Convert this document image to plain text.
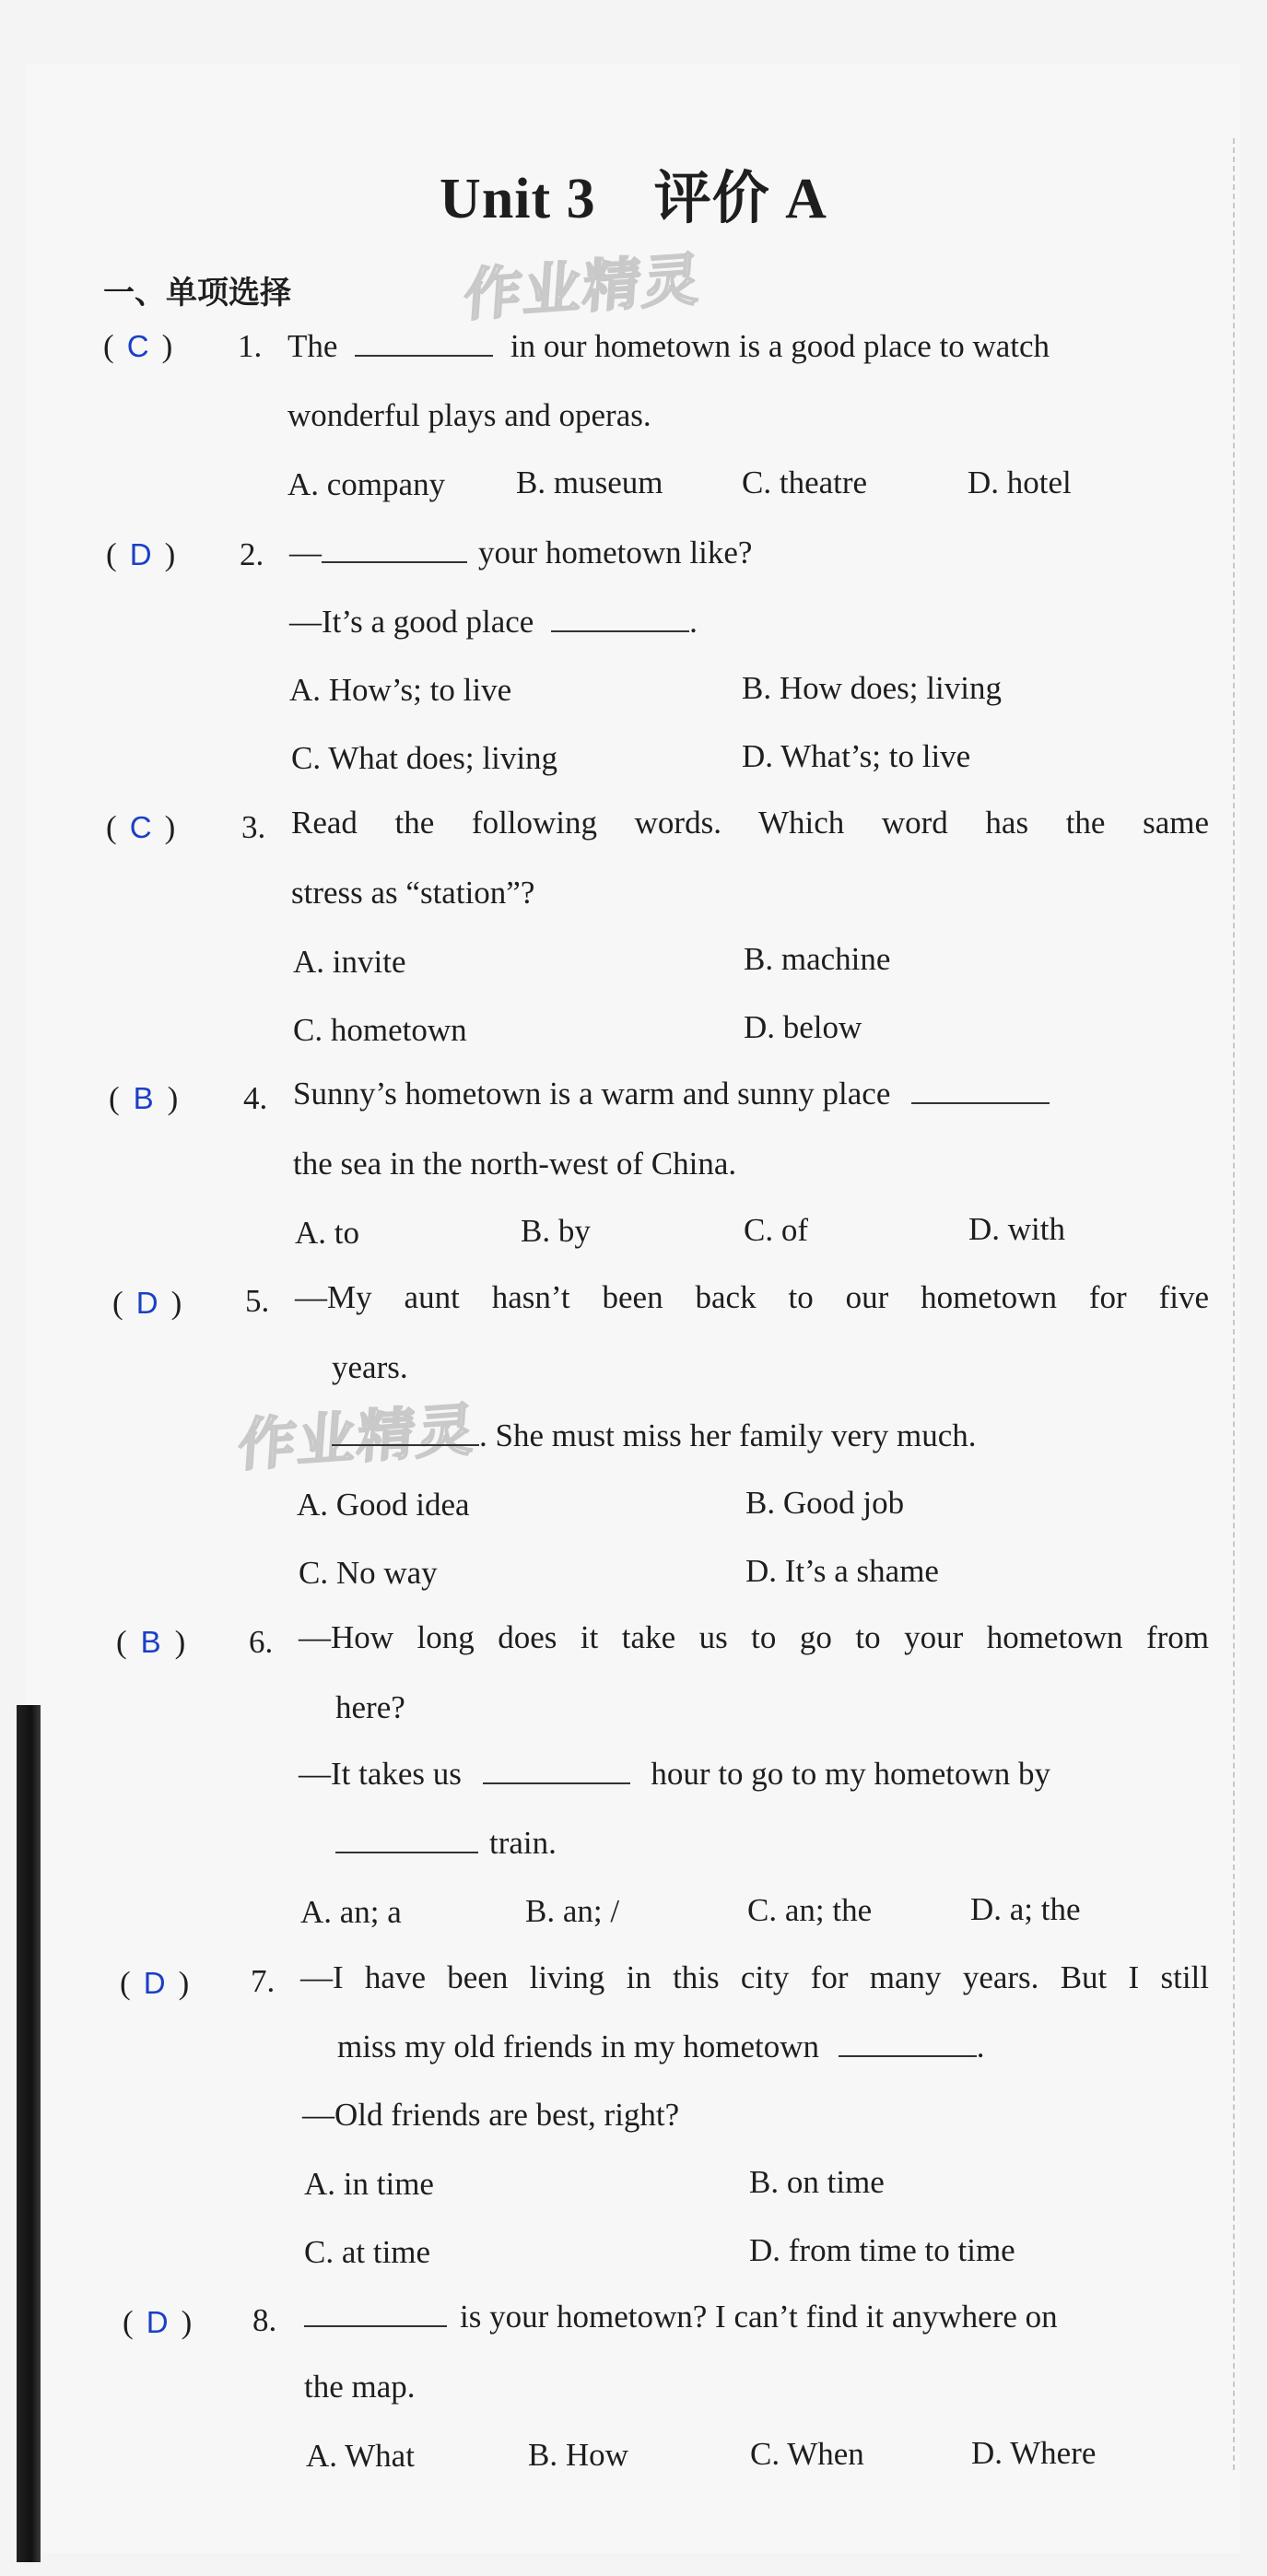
Unit 3　评价 A
一、单项选择	作业精灵
作业精灵
( C ) 1. The	in our hometown is a good place to watch
wonderful plays and operas.
A. company B. museum C. theatre	D. hotel
( D ) 2. —	your hometown like?
—It’s a good place	.
A. How’s; to live	B. How does; living
C. What does; living	D. What’s; to live
( C ) 3. Read the following words. Which word has the same
stress as “station”?
A. invite	B. machine
C. hometown	D. below
( B ) 4. Sunny’s hometown is a warm and sunny place
the sea in the north-west of China.
A. to	B. by	C. of	D. with
( D ) 5. —My aunt hasn’t been back to our hometown for five
years.
. She must miss her family very much.
A. Good idea	B. Good job
C. No way	D. It’s a shame
( B ) 6. —How long does it take us to go to your hometown from
here?
—It takes us	hour to go to my hometown by
train.
A. an; a	B. an; /	C. an; the	D. a; the
( D ) 7. —I have been living in this city for many years. But I still
miss my old friends in my hometown	.
—Old friends are best, right?
A. in time	B. on time
C. at time	D. from time to time
( D ) 8.	is your hometown? I can’t find it anywhere on
the map.
A. What	B. How	C. When	D. Where
